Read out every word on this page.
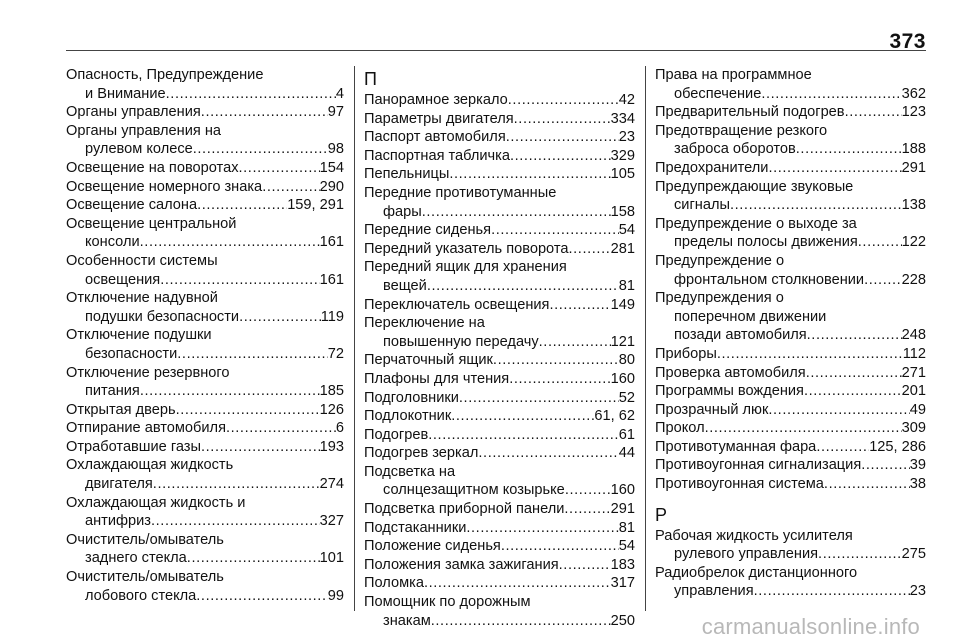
373
Опасность, Предупреждение
и Внимание .....	4
Органы управления .....	97
Органы управления на
рулевом колесе .....	98
Освещение на поворотах .....	154
Освещение номерного знака .....	290
Освещение салона .....	159, 291
Освещение центральной
консоли .....	161
Особенности системы
освещения .....	161
Отключение надувной
подушки безопасности .....	119
Отключение подушки
безопасности .....	72
Отключение резервного
питания .....	185
Открытая дверь .....	126
Отпирание автомобиля .....	6
Отработавшие газы .....	193
Охлаждающая жидкость
двигателя .....	274
Охлаждающая жидкость и
антифриз .....	327
Очиститель/омыватель
заднего стекла .....	101
Очиститель/омыватель
лобового стекла .....	99
П
Панорамное зеркало .....	42
Параметры двигателя .....	334
Паспорт автомобиля .....	23
Паспортная табличка .....	329
Пепельницы .....	105
Передние противотуманные
фары .....	158
Передние сиденья .....	54
Передний указатель поворота .....	281
Передний ящик для хранения
вещей .....	81
Переключатель освещения .....	149
Переключение на
повышенную передачу .....	121
Перчаточный ящик .....	80
Плафоны для чтения .....	160
Подголовники .....	52
Подлокотник .....	61, 62
Подогрев .....	61
Подогрев зеркал .....	44
Подсветка на
солнцезащитном козырьке .....	160
Подсветка приборной панели .....	291
Подстаканники .....	81
Положение сиденья .....	54
Положения замка зажигания .....	183
Поломка .....	317
Помощник по дорожным
знакам .....	250
Права на программное
обеспечение .....	362
Предварительный подогрев .....	123
Предотвращение резкого
заброса оборотов .....	188
Предохранители .....	291
Предупреждающие звуковые
сигналы .....	138
Предупреждение о выходе за
пределы полосы движения .....	122
Предупреждение о
фронтальном столкновении .....	228
Предупреждения о
поперечном движении
позади автомобиля .....	248
Приборы .....	112
Проверка автомобиля .....	271
Программы вождения .....	201
Прозрачный люк .....	49
Прокол .....	309
Противотуманная фара .....	125, 286
Противоугонная сигнализация .....	39
Противоугонная система .....	38
Р
Рабочая жидкость усилителя
рулевого управления .....	275
Радиобрелок дистанционного
управления .....	23
carmanualsonline.info
